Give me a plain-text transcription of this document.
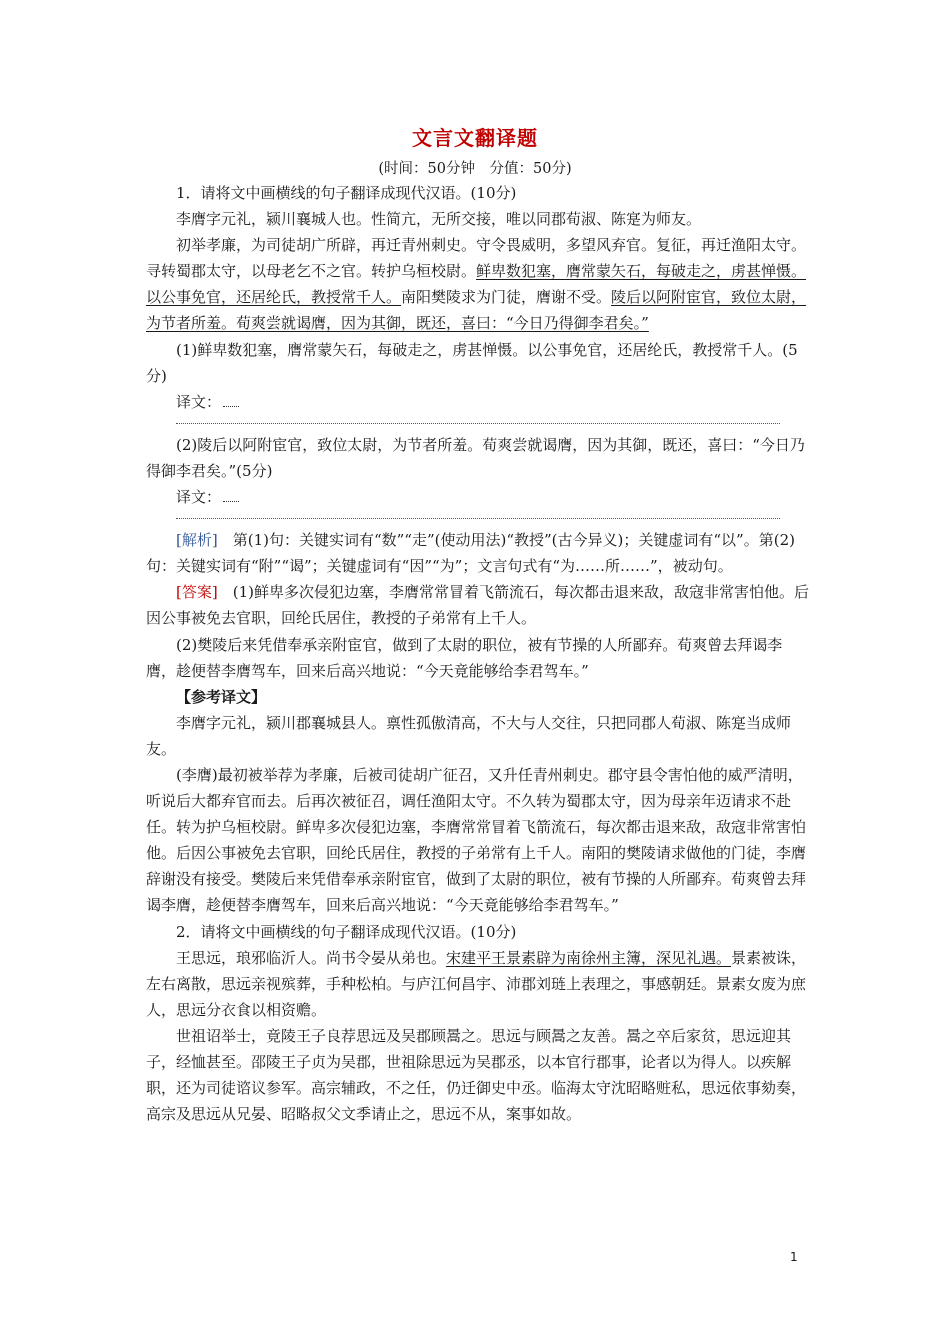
文言文翻译题
(时间：50分钟　分值：50分)

1．请将文中画横线的句子翻译成现代汉语。(10分)

李膺字元礼，颍川襄城人也。性简亢，无所交接，唯以同郡荀淑、陈寔为师友。

初举孝廉，为司徒胡广所辟，再迁青州刺史。守令畏威明，多望风弃官。复征，再迁渔阳太守。寻转蜀郡太守，以母老乞不之官。转护乌桓校尉。鲜卑数犯塞，膺常蒙矢石，每破走之，虏甚惮慑。以公事免官，还居纶氏，教授常千人。南阳樊陵求为门徒，膺谢不受。陵后以阿附宦官，致位太尉，为节者所羞。荀爽尝就谒膺，因为其御，既还，喜曰：“今日乃得御李君矣。”

(1)鲜卑数犯塞，膺常蒙矢石，每破走之，虏甚惮慑。以公事免官，还居纶氏，教授常千人。(5分)

译文：

(2)陵后以阿附宦官，致位太尉，为节者所羞。荀爽尝就谒膺，因为其御，既还，喜曰：“今日乃得御李君矣。”(5分)

译文：

[解析]　第(1)句：关键实词有“数”“走”(使动用法)“教授”(古今异义)；关键虚词有“以”。第(2)句：关键实词有“附”“谒”；关键虚词有“因”“为”；文言句式有“为……所……”，被动句。

[答案]　(1)鲜卑多次侵犯边塞，李膺常常冒着飞箭流石，每次都击退来敌，敌寇非常害怕他。后因公事被免去官职，回纶氏居住，教授的子弟常有上千人。

(2)樊陵后来凭借奉承亲附宦官，做到了太尉的职位，被有节操的人所鄙弃。荀爽曾去拜谒李膺，趁便替李膺驾车，回来后高兴地说：“今天竟能够给李君驾车。”

【参考译文】

李膺字元礼，颍川郡襄城县人。禀性孤傲清高，不大与人交往，只把同郡人荀淑、陈寔当成师友。

(李膺)最初被举荐为孝廉，后被司徒胡广征召，又升任青州刺史。郡守县令害怕他的威严清明，听说后大都弃官而去。后再次被征召，调任渔阳太守。不久转为蜀郡太守，因为母亲年迈请求不赴任。转为护乌桓校尉。鲜卑多次侵犯边塞，李膺常常冒着飞箭流石，每次都击退来敌，敌寇非常害怕他。后因公事被免去官职，回纶氏居住，教授的子弟常有上千人。南阳的樊陵请求做他的门徒，李膺辞谢没有接受。樊陵后来凭借奉承亲附宦官，做到了太尉的职位，被有节操的人所鄙弃。荀爽曾去拜谒李膺，趁便替李膺驾车，回来后高兴地说：“今天竟能够给李君驾车。”

2．请将文中画横线的句子翻译成现代汉语。(10分)

王思远，琅邪临沂人。尚书令晏从弟也。宋建平王景素辟为南徐州主簿，深见礼遇。景素被诛，左右离散，思远亲视殡葬，手种松柏。与庐江何昌宇、沛郡刘琏上表理之，事感朝廷。景素女废为庶人，思远分衣食以相资赡。

世祖诏举士，竟陵王子良荐思远及吴郡顾暠之。思远与顾暠之友善。暠之卒后家贫，思远迎其子，经恤甚至。邵陵王子贞为吴郡，世祖除思远为吴郡丞，以本官行郡事，论者以为得人。以疾解职，还为司徒谘议参军。高宗辅政，不之任，仍迁御史中丞。临海太守沈昭略赃私，思远依事劾奏，高宗及思远从兄晏、昭略叔父文季请止之，思远不从，案事如故。

1
